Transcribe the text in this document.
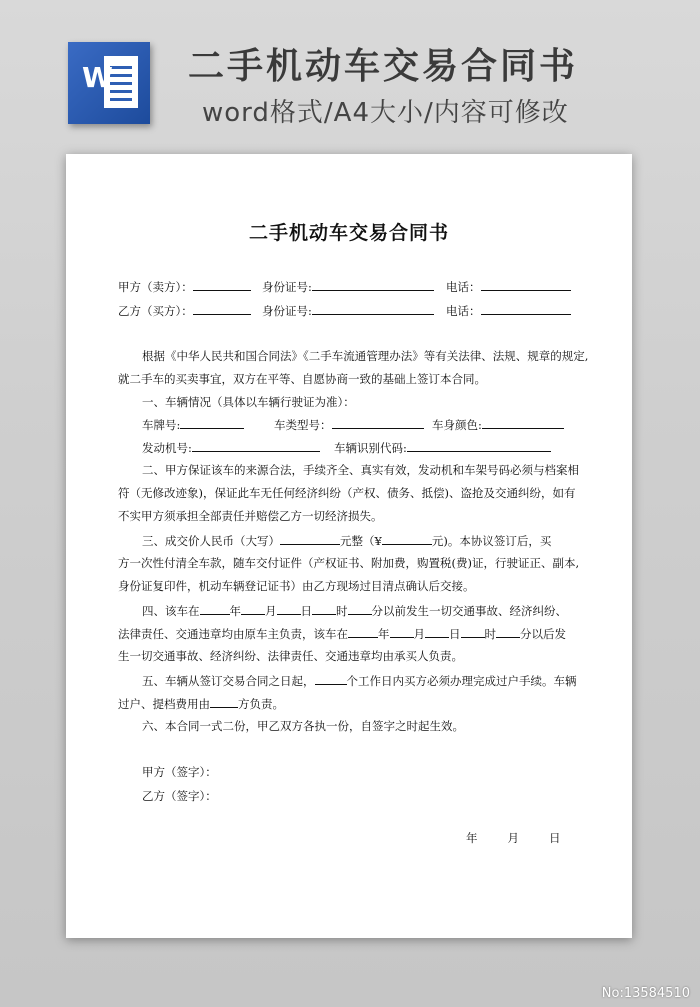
W 二手机动车交易合同书
word格式/A4大小/内容可修改
二手机动车交易合同书
甲方（卖方）：	身份证号:	电话：
乙方（买方）：	身份证号:	电话：
根据《中华人民共和国合同法》《二手车流通管理办法》等有关法律、法规、规章的规定,
就二手车的买卖事宜，双方在平等、自愿协商一致的基础上签订本合同。
一、车辆情况（具体以车辆行驶证为准）：
车牌号:	车类型号：	车身颜色:
发动机号:	车辆识别代码:
二、甲方保证该车的来源合法，手续齐全、真实有效，发动机和车架号码必须与档案相
符（无修改迹象)，保证此车无任何经济纠纷（产权、债务、抵偿)、盗抢及交通纠纷，如有
不实甲方须承担全部责任并赔偿乙方一切经济损失。
三、成交价人民币（大写）	元整（¥	元)。本协议签订后，买
方一次性付清全车款，随车交付证件（产权证书、附加费，购置税(费)证，行驶证正、副本,
身份证复印件，机动车辆登记证书）由乙方现场过目清点确认后交接。
四、该车在	年 月 日 时 分以前发生一切交通事故、经济纠纷、
法律责任、交通违章均由原车主负责，该车在	年 月 日 时 分以后发
生一切交通事故、经济纠纷、法律责任、交通违章均由承买人负责。
五、车辆从签订交易合同之日起，	个工作日内买方必须办理完成过户手续。车辆
过户、提档费用由 方负责。
六、本合同一式二份，甲乙双方各执一份，自签字之时起生效。
甲方（签字）：
乙方（签字）：
年	月	日
No:13584510
